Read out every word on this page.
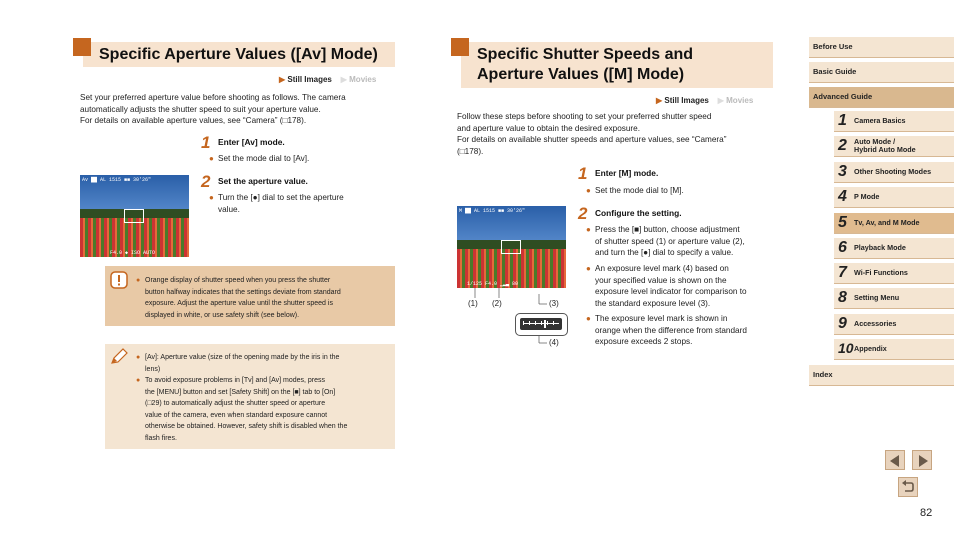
Specific Aperture Values ([Av] Mode)
▶ Still Images ▶ Movies
Set your preferred aperture value before shooting as follows. The camera
automatically adjusts the shutter speed to suit your aperture value.
For details on available aperture values, see “Camera” (□178).
1 Enter [Av] mode.
● Set the mode dial to [Av].
Av ██ AL 1515 ■■ 30'26"
F4.0 ◆ ISO AUTO
2 Set the aperture value.
● Turn the [●] dial to set the aperture
value.
● Orange display of shutter speed when you press the shutter
button halfway indicates that the settings deviate from standard
exposure. Adjust the aperture value until the shutter speed is
displayed in white, or use safety shift (see below).
● [Av]: Aperture value (size of the opening made by the iris in the
lens)
● To avoid exposure problems in [Tv] and [Av] modes, press
the [MENU] button and set [Safety Shift] on the [■] tab to [On]
(□29) to automatically adjust the shutter speed or aperture
value of the camera, even when standard exposure cannot
otherwise be obtained. However, safety shift is disabled when the
flash fires.
Specific Shutter Speeds and
Aperture Values ([M] Mode)
▶ Still Images ▶ Movies
Follow these steps before shooting to set your preferred shutter speed
and aperture value to obtain the desired exposure.
For details on available shutter speeds and aperture values, see “Camera”
(□178).
1 Enter [M] mode.
● Set the mode dial to [M].
M ██ AL 1515 ■■ 30'26"
1/125 F4.0 ▁▂▃ 80
(1) (2)	(3)
(4)
2 Configure the setting.
● Press the [■] button, choose adjustment
of shutter speed (1) or aperture value (2),
and turn the [●] dial to specify a value.
● An exposure level mark (4) based on
your specified value is shown on the
exposure level indicator for comparison to
the standard exposure level (3).
● The exposure level mark is shown in
orange when the difference from standard
exposure exceeds 2 stops.
Before Use
Basic Guide
Advanced Guide
1 Camera Basics
2 Auto Mode /
Hybrid Auto Mode
3 Other Shooting Modes
4 P Mode
5 Tv, Av, and M Mode
6 Playback Mode
7 Wi-Fi Functions
8 Setting Menu
9 Accessories
10 Appendix
Index
82
